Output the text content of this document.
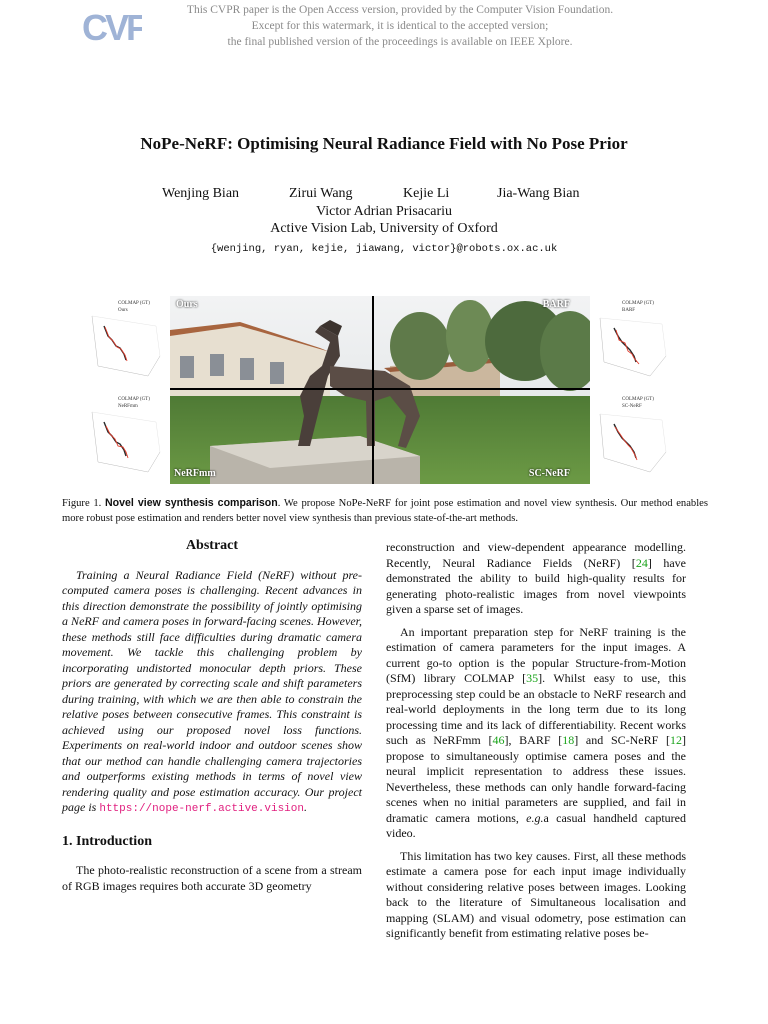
CVF	This CVPR paper is the Open Access version, provided by the Computer Vision Foundation.
Except for this watermark, it is identical to the accepted version;
the final published version of the proceedings is available on IEEE Xplore.
NoPe-NeRF: Optimising Neural Radiance Field with No Pose Prior
Wenjing Bian	Zirui Wang	Kejie Li	Jia-Wang Bian
Victor Adrian Prisacariu
Active Vision Lab, University of Oxford
{wenjing, ryan, kejie, jiawang, victor}@robots.ox.ac.uk
COLMAP (GT)
Ours
COLMAP (GT)
NeRFmm
COLMAP (GT)
BARF
COLMAP (GT)
SC-NeRF
Ours	BARF
NeRFmm	SC-NeRF
Figure 1. Novel view synthesis comparison. We propose NoPe-NeRF for joint pose estimation and novel view synthesis. Our method enables more robust pose estimation and renders better novel view synthesis than previous state-of-the-art methods.

Abstract

Training a Neural Radiance Field (NeRF) without pre-computed camera poses is challenging. Recent advances in this direction demonstrate the possibility of jointly optimising a NeRF and camera poses in forward-facing scenes. However, these methods still face difficulties during dramatic camera movement. We tackle this challenging problem by incorporating undistorted monocular depth priors. These priors are generated by correcting scale and shift parameters during training, with which we are then able to constrain the relative poses between consecutive frames. This constraint is achieved using our proposed novel loss functions. Experiments on real-world indoor and outdoor scenes show that our method can handle challenging camera trajectories and outperforms existing methods in terms of novel view rendering quality and pose estimation accuracy. Our project page is https://nope-nerf.active.vision.

1. Introduction

The photo-realistic reconstruction of a scene from a stream of RGB images requires both accurate 3D geometry

reconstruction and view-dependent appearance modelling. Recently, Neural Radiance Fields (NeRF) [24] have demonstrated the ability to build high-quality results for generating photo-realistic images from novel viewpoints given a sparse set of images.

An important preparation step for NeRF training is the estimation of camera parameters for the input images. A current go-to option is the popular Structure-from-Motion (SfM) library COLMAP [35]. Whilst easy to use, this preprocessing step could be an obstacle to NeRF research and real-world deployments in the long term due to its long processing time and its lack of differentiability. Recent works such as NeRFmm [46], BARF [18] and SC-NeRF [12] propose to simultaneously optimise camera poses and the neural implicit representation to address these issues. Nevertheless, these methods can only handle forward-facing scenes when no initial parameters are supplied, and fail in dramatic camera motions, e.g.a casual handheld captured video.

This limitation has two key causes. First, all these methods estimate a camera pose for each input image individually without considering relative poses between images. Looking back to the literature of Simultaneous localisation and mapping (SLAM) and visual odometry, pose estimation can significantly benefit from estimating relative poses be-
